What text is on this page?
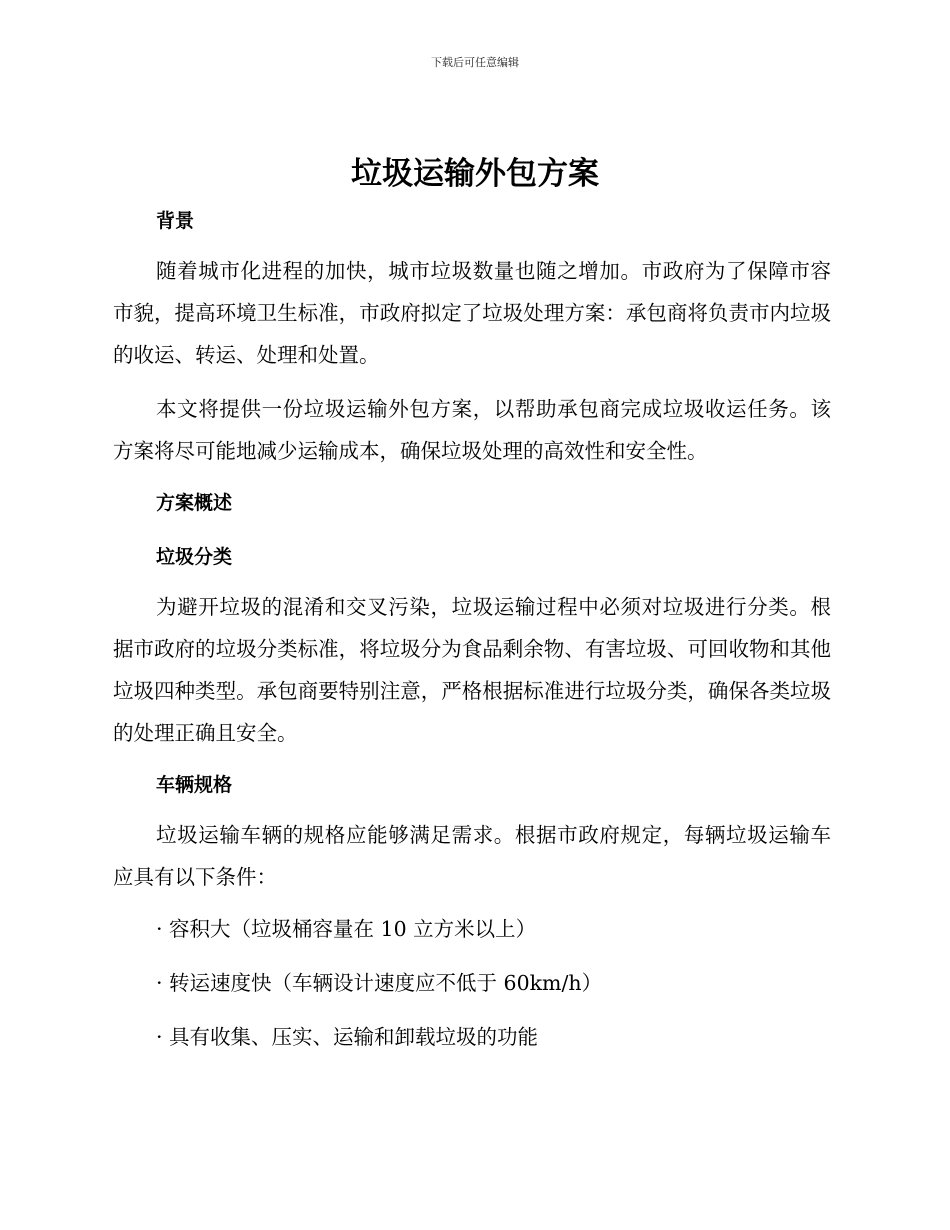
下载后可任意编辑
垃圾运输外包方案
背景

随着城市化进程的加快，城市垃圾数量也随之增加。市政府为了保障市容市貌，提高环境卫生标准，市政府拟定了垃圾处理方案：承包商将负责市内垃圾的收运、转运、处理和处置。

本文将提供一份垃圾运输外包方案，以帮助承包商完成垃圾收运任务。该方案将尽可能地减少运输成本，确保垃圾处理的高效性和安全性。

方案概述
垃圾分类

为避开垃圾的混淆和交叉污染，垃圾运输过程中必须对垃圾进行分类。根据市政府的垃圾分类标准，将垃圾分为食品剩余物、有害垃圾、可回收物和其他垃圾四种类型。承包商要特别注意，严格根据标准进行垃圾分类，确保各类垃圾的处理正确且安全。

车辆规格

垃圾运输车辆的规格应能够满足需求。根据市政府规定，每辆垃圾运输车应具有以下条件：

· 容积大（垃圾桶容量在 10 立方米以上）

· 转运速度快（车辆设计速度应不低于 60km/h）

· 具有收集、压实、运输和卸载垃圾的功能
